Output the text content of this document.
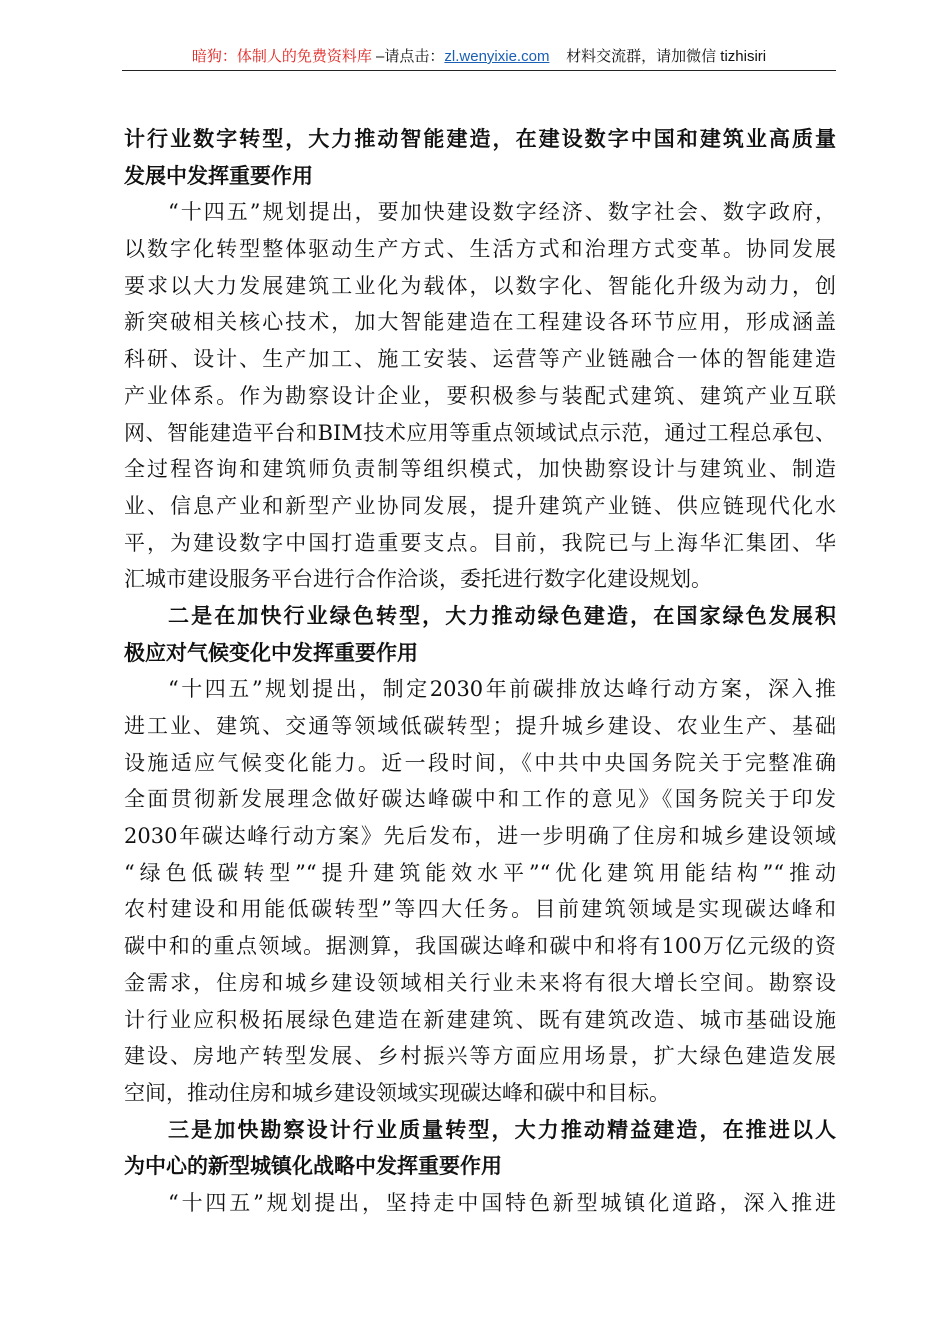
暗狗：体制人的免费资料库 –请点击：zl.wenyixie.com 材料交流群，请加微信 tizhisiri
计行业数字转型，大力推动智能建造，在建设数字中国和建筑业高质量
发展中发挥重要作用
“十四五”规划提出，要加快建设数字经济、数字社会、数字政府，
以数字化转型整体驱动生产方式、生活方式和治理方式变革。协同发展
要求以大力发展建筑工业化为载体，以数字化、智能化升级为动力，创
新突破相关核心技术，加大智能建造在工程建设各环节应用，形成涵盖
科研、设计、生产加工、施工安装、运营等产业链融合一体的智能建造
产业体系。作为勘察设计企业，要积极参与装配式建筑、建筑产业互联
网、智能建造平台和BIM技术应用等重点领域试点示范，通过工程总承包、
全过程咨询和建筑师负责制等组织模式，加快勘察设计与建筑业、制造
业、信息产业和新型产业协同发展，提升建筑产业链、供应链现代化水
平，为建设数字中国打造重要支点。目前，我院已与上海华汇集团、华
汇城市建设服务平台进行合作洽谈，委托进行数字化建设规划。
二是在加快行业绿色转型，大力推动绿色建造，在国家绿色发展积
极应对气候变化中发挥重要作用
“十四五”规划提出，制定2030年前碳排放达峰行动方案，深入推
进工业、建筑、交通等领域低碳转型；提升城乡建设、农业生产、基础
设施适应气候变化能力。近一段时间，《中共中央国务院关于完整准确
全面贯彻新发展理念做好碳达峰碳中和工作的意见》《国务院关于印发
2030年碳达峰行动方案》先后发布，进一步明确了住房和城乡建设领域
“绿色低碳转型”“提升建筑能效水平”“优化建筑用能结构”“推动
农村建设和用能低碳转型”等四大任务。目前建筑领域是实现碳达峰和
碳中和的重点领域。据测算，我国碳达峰和碳中和将有100万亿元级的资
金需求，住房和城乡建设领域相关行业未来将有很大增长空间。勘察设
计行业应积极拓展绿色建造在新建建筑、既有建筑改造、城市基础设施
建设、房地产转型发展、乡村振兴等方面应用场景，扩大绿色建造发展
空间，推动住房和城乡建设领域实现碳达峰和碳中和目标。
三是加快勘察设计行业质量转型，大力推动精益建造，在推进以人
为中心的新型城镇化战略中发挥重要作用
“十四五”规划提出，坚持走中国特色新型城镇化道路，深入推进
